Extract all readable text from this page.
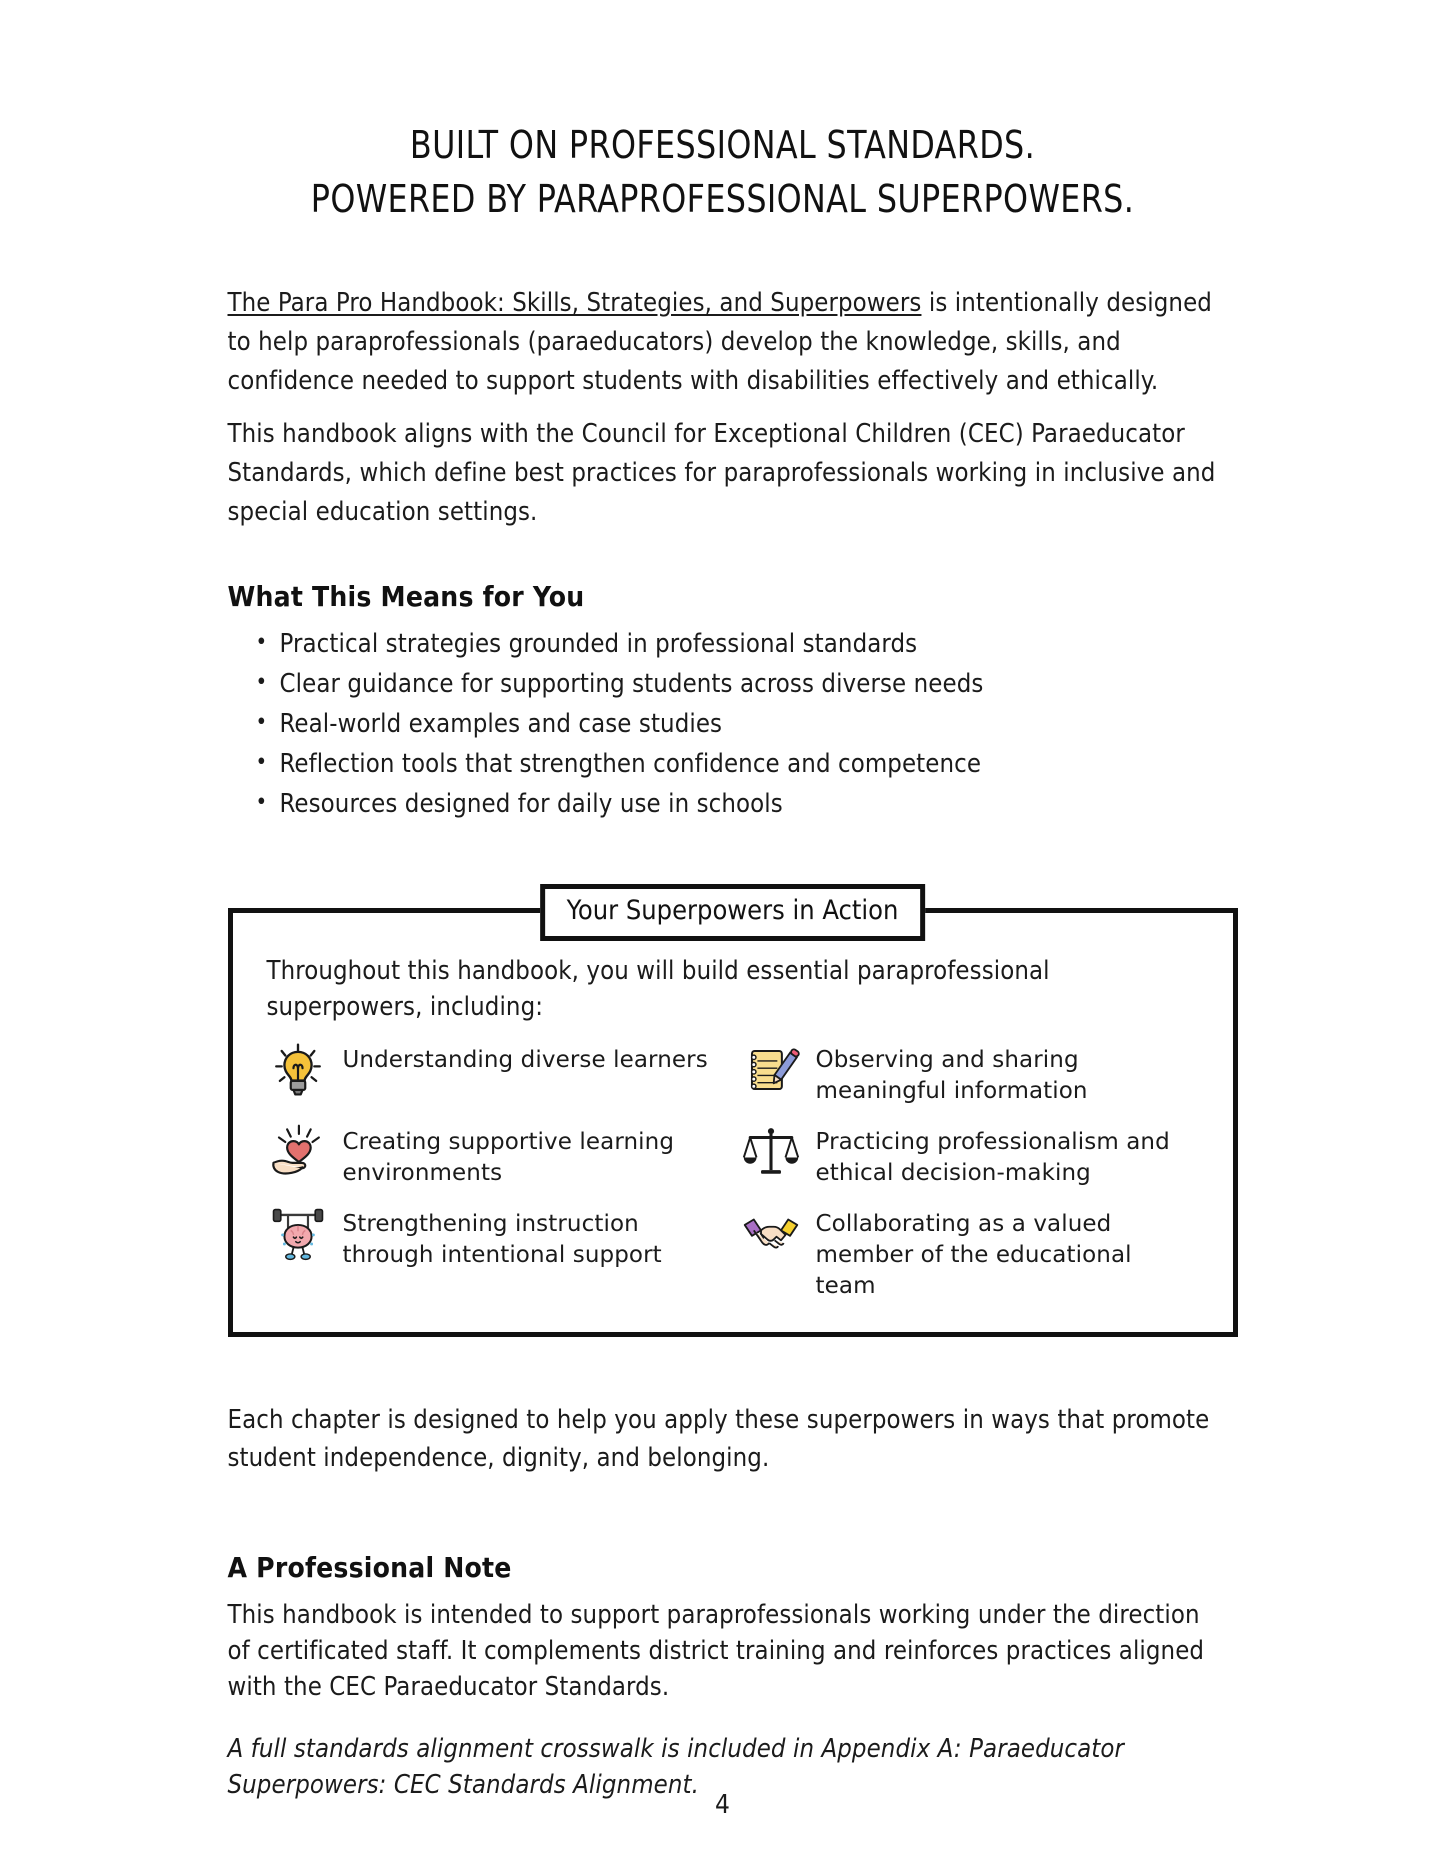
BUILT ON PROFESSIONAL STANDARDS.
POWERED BY PARAPROFESSIONAL SUPERPOWERS.

The Para Pro Handbook: Skills, Strategies, and Superpowers is intentionally designed to help paraprofessionals (paraeducators) develop the knowledge, skills, and confidence needed to support students with disabilities effectively and ethically.

This handbook aligns with the Council for Exceptional Children (CEC) Paraeducator Standards, which define best practices for paraprofessionals working in inclusive and special education settings.

What This Means for You
• Practical strategies grounded in professional standards
• Clear guidance for supporting students across diverse needs
• Real-world examples and case studies
• Reflection tools that strengthen confidence and competence
• Resources designed for daily use in schools
Your Superpowers in Action

Throughout this handbook, you will build essential paraprofessional superpowers, including:

Understanding diverse learners	Observing and sharing meaningful information
Creating supportive learning environments
Practicing professionalism and ethical decision-making
Strengthening instruction through intentional support
Collaborating as a valued member of the educational team

Each chapter is designed to help you apply these superpowers in ways that promote student independence, dignity, and belonging.

A Professional Note

This handbook is intended to support paraprofessionals working under the direction of certificated staff. It complements district training and reinforces practices aligned with the CEC Paraeducator Standards.

A full standards alignment crosswalk is included in Appendix A: Paraeducator Superpowers: CEC Standards Alignment.

4
